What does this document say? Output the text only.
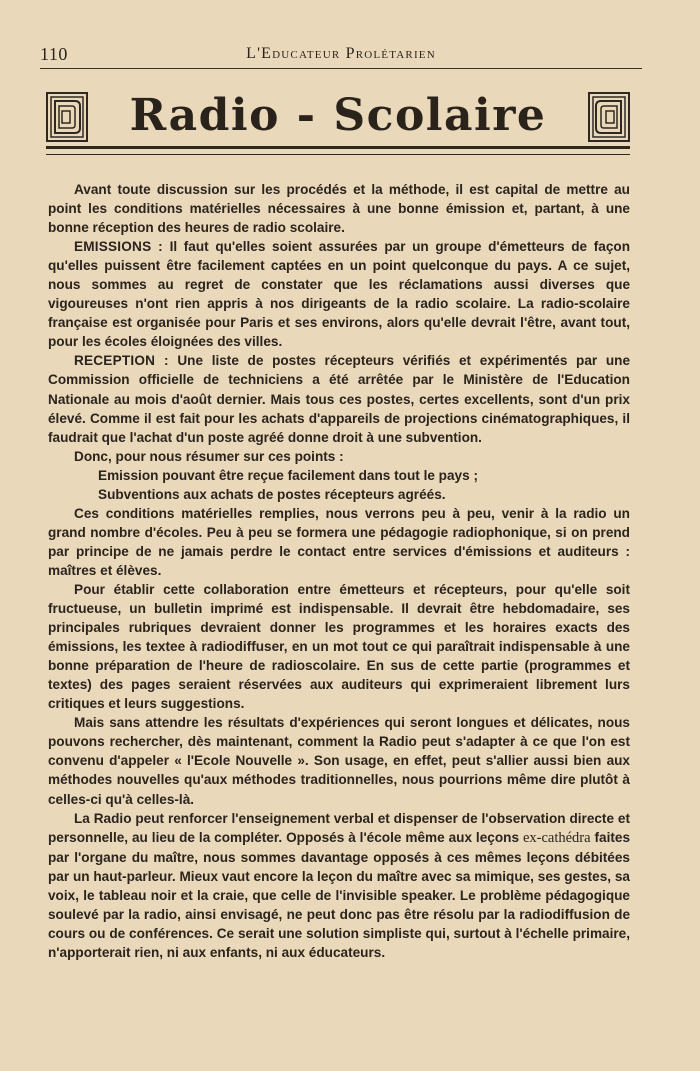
110	L'Educateur Prolétarien
Radio - Scolaire

Avant toute discussion sur les procédés et la méthode, il est capital de mettre au point les conditions matérielles nécessaires à une bonne émission et, partant, à une bonne réception des heures de radio scolaire.

EMISSIONS : Il faut qu'elles soient assurées par un groupe d'émetteurs de façon qu'elles puissent être facilement captées en un point quelconque du pays. A ce sujet, nous sommes au regret de constater que les réclamations aussi diverses que vigoureuses n'ont rien appris à nos dirigeants de la radio scolaire. La radio-scolaire française est organisée pour Paris et ses environs, alors qu'elle devrait l'être, avant tout, pour les écoles éloignées des villes.

RECEPTION : Une liste de postes récepteurs vérifiés et expérimentés par une Commission officielle de techniciens a été arrêtée par le Ministère de l'Education Nationale au mois d'août dernier. Mais tous ces postes, certes excellents, sont d'un prix élevé. Comme il est fait pour les achats d'appareils de projections cinématographiques, il faudrait que l'achat d'un poste agréé donne droit à une subvention.

Donc, pour nous résumer sur ces points :

Emission pouvant être reçue facilement dans tout le pays ;

Subventions aux achats de postes récepteurs agréés.

Ces conditions matérielles remplies, nous verrons peu à peu, venir à la radio un grand nombre d'écoles. Peu à peu se formera une pédagogie radiophonique, si on prend par principe de ne jamais perdre le contact entre services d'émissions et auditeurs : maîtres et élèves.

Pour établir cette collaboration entre émetteurs et récepteurs, pour qu'elle soit fructueuse, un bulletin imprimé est indispensable. Il devrait être hebdomadaire, ses principales rubriques devraient donner les programmes et les horaires exacts des émissions, les textee à radiodiffuser, en un mot tout ce qui paraîtrait indispensable à une bonne préparation de l'heure de radioscolaire. En sus de cette partie (programmes et textes) des pages seraient réservées aux auditeurs qui exprimeraient librement lurs critiques et leurs suggestions.

Mais sans attendre les résultats d'expériences qui seront longues et délicates, nous pouvons rechercher, dès maintenant, comment la Radio peut s'adapter à ce que l'on est convenu d'appeler « l'Ecole Nouvelle ». Son usage, en effet, peut s'allier aussi bien aux méthodes nouvelles qu'aux méthodes traditionnelles, nous pourrions même dire plutôt à celles-ci qu'à celles-là.

La Radio peut renforcer l'enseignement verbal et dispenser de l'observation directe et personnelle, au lieu de la compléter. Opposés à l'école même aux leçons ex-cathédra faites par l'organe du maître, nous sommes davantage opposés à ces mêmes leçons débitées par un haut-parleur. Mieux vaut encore la leçon du maître avec sa mimique, ses gestes, sa voix, le tableau noir et la craie, que celle de l'invisible speaker. Le problème pédagogique soulevé par la radio, ainsi envisagé, ne peut donc pas être résolu par la radiodiffusion de cours ou de conférences. Ce serait une solution simpliste qui, surtout à l'échelle primaire, n'apporterait rien, ni aux enfants, ni aux éducateurs.
